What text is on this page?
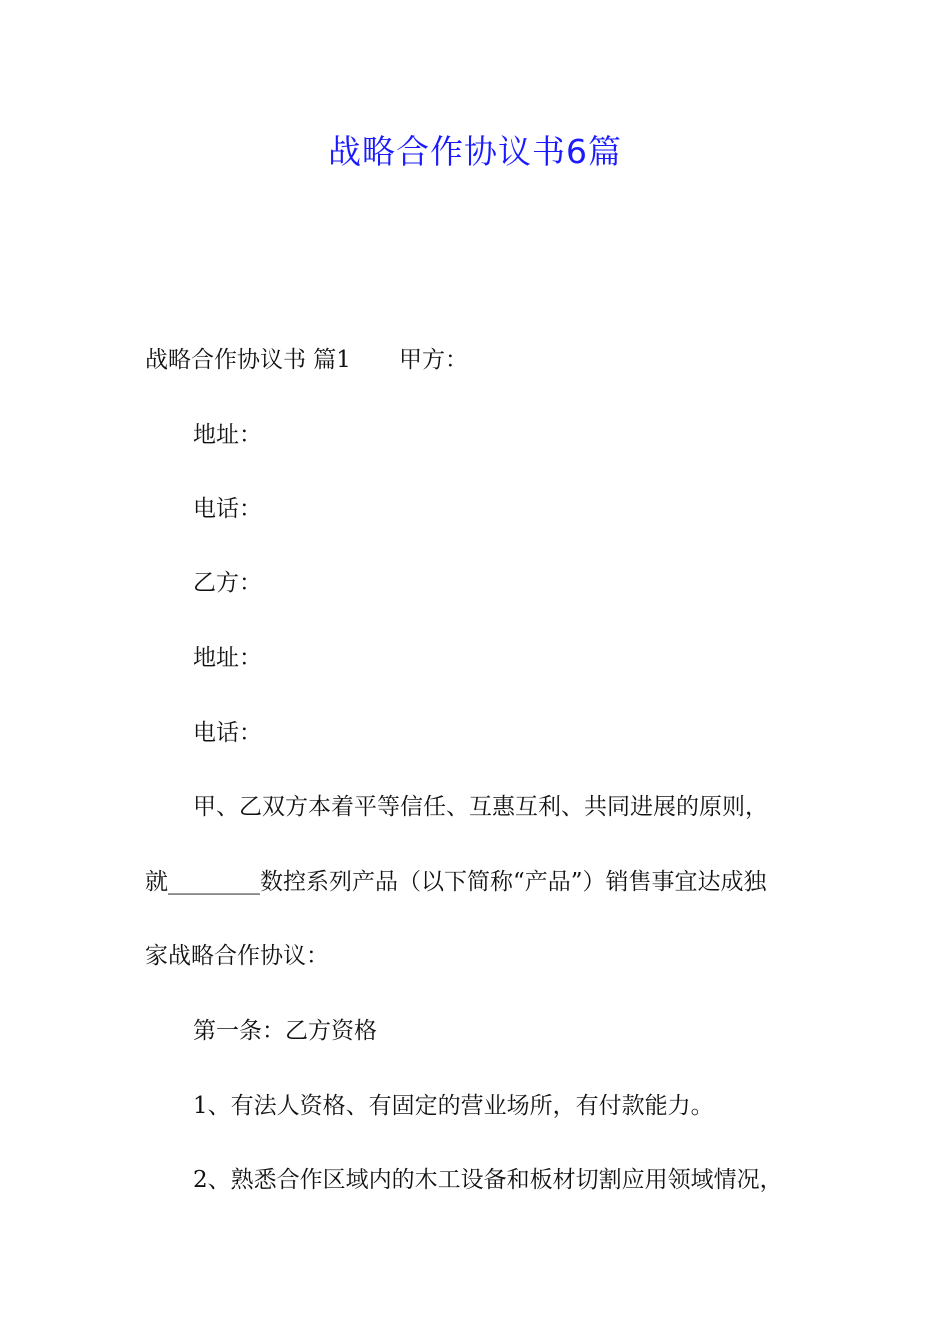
战略合作协议书6篇
战略合作协议书 篇1 甲方：
地址：
电话：
乙方：
地址：
电话：
甲、乙双方本着平等信任、互惠互利、共同进展的原则，
就________数控系列产品（以下简称“产品”）销售事宜达成独
家战略合作协议：
第一条：乙方资格
1、有法人资格、有固定的营业场所，有付款能力。
2、熟悉合作区域内的木工设备和板材切割应用领域情况，
